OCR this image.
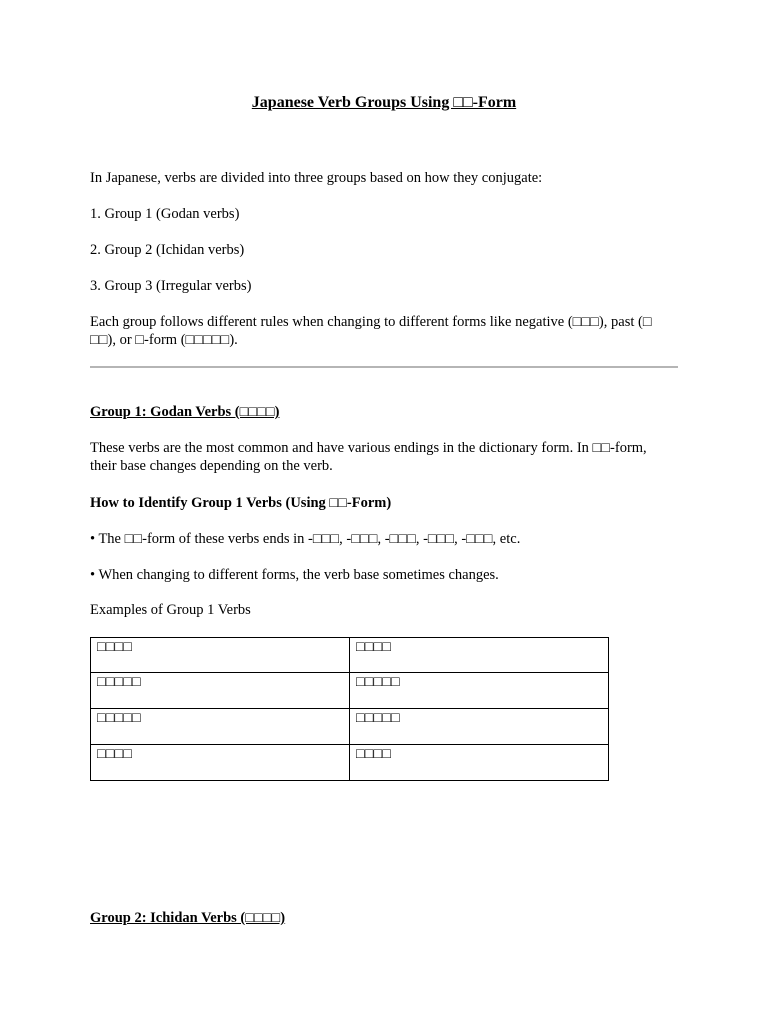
Japanese Verb Groups Using □□-Form

In Japanese, verbs are divided into three groups based on how they conjugate:

1. Group 1 (Godan verbs)

2. Group 2 (Ichidan verbs)

3. Group 3 (Irregular verbs)

Each group follows different rules when changing to different forms like negative (□□□), past (□

□□), or □-form (□□□□□).

Group 1: Godan Verbs (□□□□)

These verbs are the most common and have various endings in the dictionary form. In □□-form,

their base changes depending on the verb.

How to Identify Group 1 Verbs (Using □□-Form)

• The □□-form of these verbs ends in -□□□, -□□□, -□□□, -□□□, -□□□, etc.

• When changing to different forms, the verb base sometimes changes.

Examples of Group 1 Verbs

□□□□	□□□□

□□□□□	□□□□□

□□□□□	□□□□□

□□□□	□□□□

Group 2: Ichidan Verbs (□□□□)
